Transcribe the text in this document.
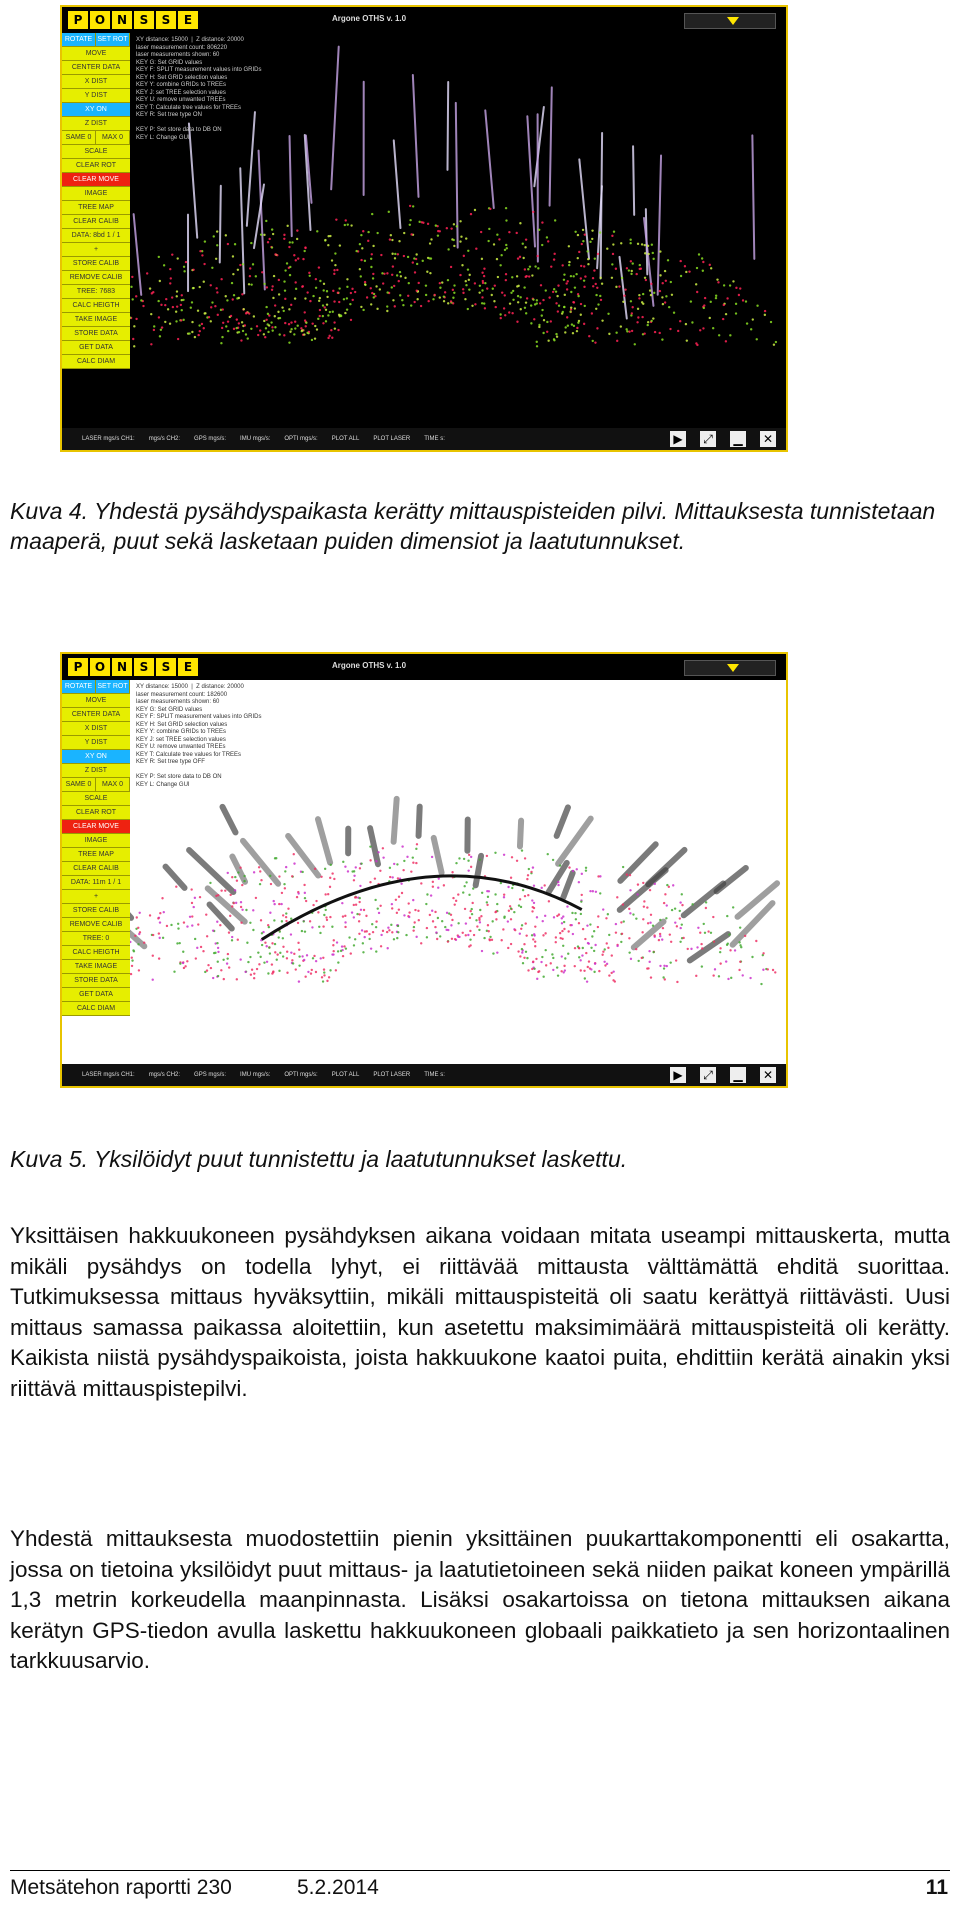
P	O N	S	S	E	Argone OTHS v. 1.0
ROTATE SET ROT
MOVE
CENTER DATA
X DIST
Y DIST
XY ON
Z DIST
SAME 0	MAX 0
SCALE
CLEAR ROT
CLEAR MOVE
IMAGE
TREE MAP
CLEAR CALIB
DATA: 8bd 1 / 1
+
STORE CALIB
REMOVE CALIB
TREE: 7683
CALC HEIGTH
TAKE IMAGE
STORE DATA
GET DATA
CALC DIAM
XY distance: 15000  |  Z distance: 20000
laser measurement count: 806220
laser measurements shown: 60
KEY G: Set GRID values
KEY F: SPLIT measurement values into GRIDs
KEY H: Set GRID selection values
KEY Y: combine GRIDs to TREEs
KEY J: set TREE selection values
KEY U: remove unwanted TREEs
KEY T: Calculate tree values for TREEs
KEY R: Set tree type ON

KEY P: Set store data to DB ON
KEY L: Change GUI
LASER mgs/s CH1: mgs/s CH2: GPS mgs/s: IMU mgs/s: OPTI mgs/s: PLOT ALL PLOT LASER TIME s:	▶ ⤢ ▁ ✕

Kuva 4. Yhdestä pysähdyspaikasta kerätty mittauspisteiden pilvi. Mittauksesta tunnistetaan maaperä, puut sekä lasketaan puiden dimensiot ja laatutunnukset.

P	O N	S	S	E	Argone OTHS v. 1.0
ROTATE SET ROT
MOVE
CENTER DATA
X DIST
Y DIST
XY ON
Z DIST
SAME 0	MAX 0
SCALE
CLEAR ROT
CLEAR MOVE
IMAGE
TREE MAP
CLEAR CALIB
DATA: 11m 1 / 1
+
STORE CALIB
REMOVE CALIB
TREE: 0
CALC HEIGTH
TAKE IMAGE
STORE DATA
GET DATA
CALC DIAM
XY distance: 15000  |  Z distance: 20000
laser measurement count: 182600
laser measurements shown: 60
KEY G: Set GRID values
KEY F: SPLIT measurement values into GRIDs
KEY H: Set GRID selection values
KEY Y: combine GRIDs to TREEs
KEY J: set TREE selection values
KEY U: remove unwanted TREEs
KEY T: Calculate tree values for TREEs
KEY R: Set tree type OFF

KEY P: Set store data to DB ON
KEY L: Change GUI
LASER mgs/s CH1: mgs/s CH2: GPS mgs/s: IMU mgs/s: OPTI mgs/s: PLOT ALL PLOT LASER TIME s:	▶ ⤢ ▁ ✕

Kuva 5. Yksilöidyt puut tunnistettu ja laatutunnukset laskettu.

Yksittäisen hakkuukoneen pysähdyksen aikana voidaan mitata useampi mittauskerta, mutta mikäli pysähdys on todella lyhyt, ei riittävää mittausta välttämättä ehditä suorittaa. Tutkimuksessa mittaus hyväksyttiin, mikäli mittauspisteitä oli saatu kerättyä riittävästi. Uusi mittaus samassa paikassa aloitettiin, kun asetettu maksimimäärä mittauspisteitä oli kerätty. Kaikista niistä pysähdyspaikoista, joista hakkuukone kaatoi puita, ehdittiin kerätä ainakin yksi riittävä mittauspistepilvi.

Yhdestä mittauksesta muodostettiin pienin yksittäinen puukarttakomponentti eli osakartta, jossa on tietoina yksilöidyt puut mittaus- ja laatutietoineen sekä niiden paikat koneen ympärillä 1,3 metrin korkeudella maanpinnasta. Lisäksi osakartoissa on tietona mittauksen aikana kerätyn GPS-tiedon avulla laskettu hakkuukoneen globaali paikkatieto ja sen horizontaalinen tarkkuusarvio.

Metsätehon raportti 230	5.2.2014	11
